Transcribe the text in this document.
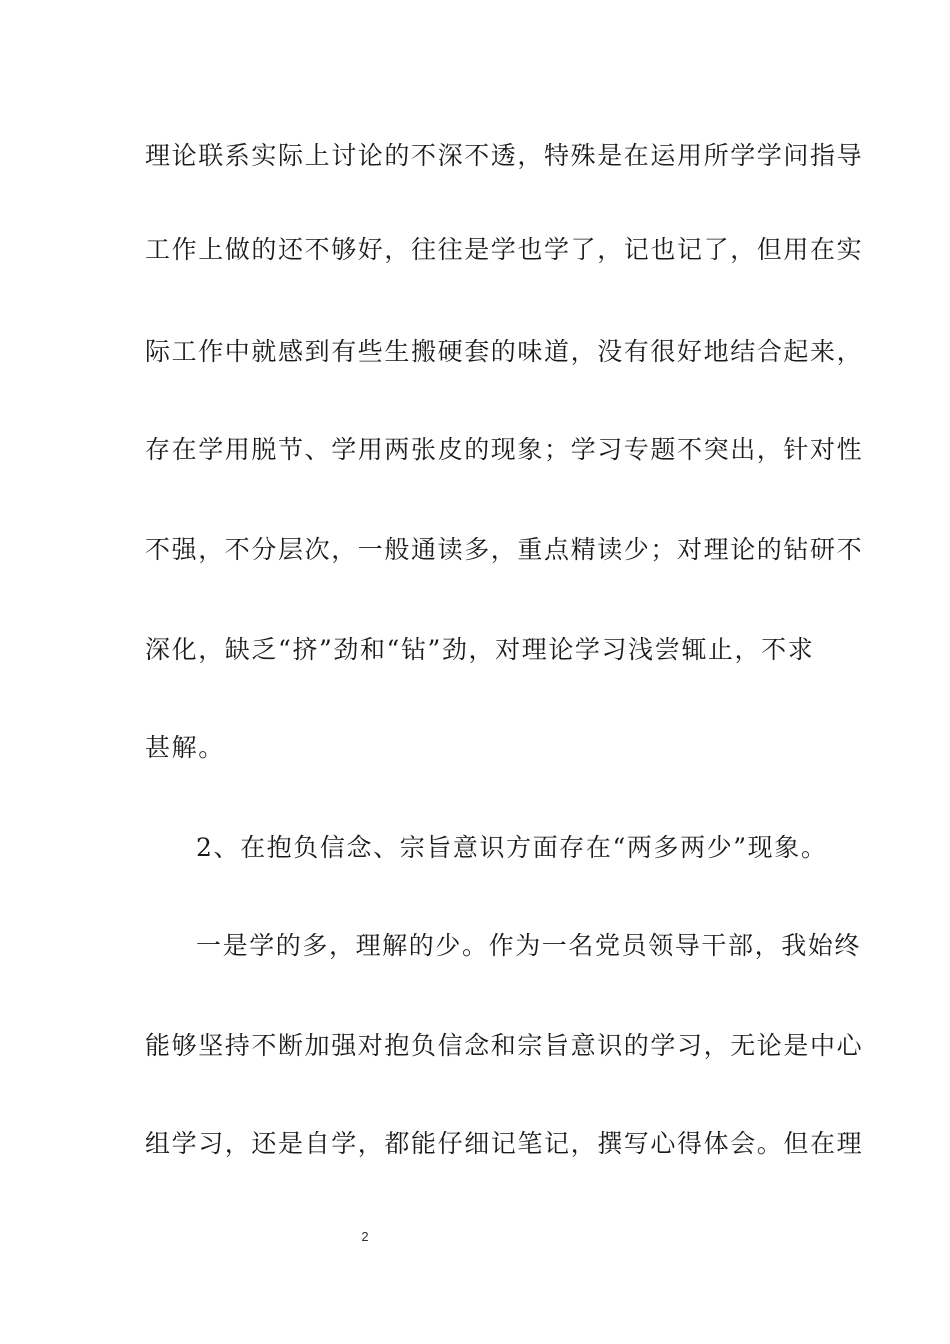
理论联系实际上讨论的不深不透，特殊是在运用所学学问指导
工作上做的还不够好，往往是学也学了，记也记了，但用在实
际工作中就感到有些生搬硬套的味道，没有很好地结合起来，
存在学用脱节、学用两张皮的现象；学习专题不突出，针对性
不强，不分层次，一般通读多，重点精读少；对理论的钻研不
深化，缺乏“挤”劲和“钻”劲，对理论学习浅尝辄止，不求
甚解。
2、在抱负信念、宗旨意识方面存在“两多两少”现象。
一是学的多，理解的少。作为一名党员领导干部，我始终
能够坚持不断加强对抱负信念和宗旨意识的学习，无论是中心
组学习，还是自学，都能仔细记笔记，撰写心得体会。但在理
2
